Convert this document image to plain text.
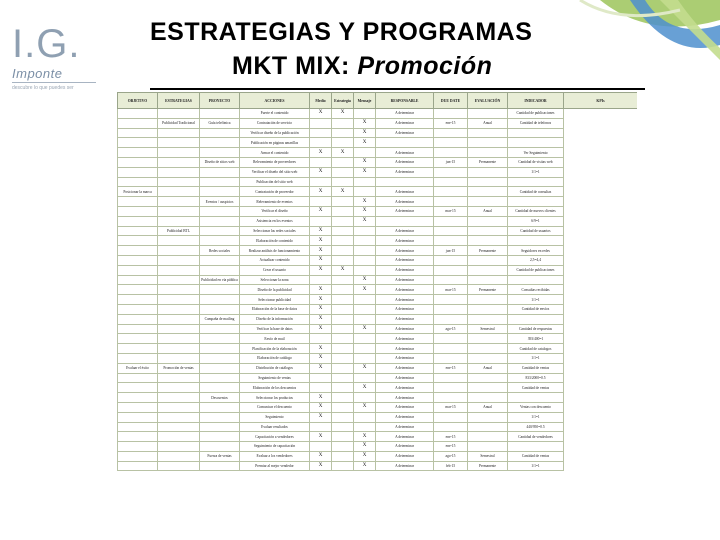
I.G.
Imponte
descubre lo que puedes ser
ESTRATEGIAS Y PROGRAMAS
MKT MIX: Promoción
OBJETIVO	ESTRATEGIAS	PROYECTO	ACCIONES	Medio	Estrategia	Mensaje	RESPONSABLE	DUE DATE	EVALUACIÓN	INDICADOR	KPIs
			Fuerte el contenido	X	X		A determinar			Cantidad de publicaciones	
	Publicidad Tradicional	Guía telefónica	Contratación de servicio			X	A determinar	ene-15	Anual	Cantidad de telefonos	
			Verificar diseño de la publicación			X	A determinar				
			Publicación en páginas amarillas			X					
			Armar el contenido	X	X		A determinar			Ver Seguimiento	
		Diseño de sitios web	Relevamiento de proveedores			X	A determinar	jun-15	Permanente	Cantidad de visitas web	
			Verificar el diseño del sitio web	X		X	A determinar			1/1=1	
			Publicación del sitio web								
Posicionar la marca			Contratación de proveedor	X	X		A determinar			Cantidad de consultas	
		Eventos / auspicios	Relevamiento de eventos			X	A determinar				
			Verificar el diseño	X		X	A determinar	mar-15	Anual	Cantidad de nuevos clientes	
			Asistencia en los eventos			X				6/9=1	
	Publicidad BTL		Seleccionar las redes sociales	X			A determinar			Cantidad de usuarios	
			Elaboración de contenido	X			A determinar				
		Redes sociales	Realizar análisis de funcionamiento	X			A determinar	jun-15	Permanente	Seguidores en redes	
			Actualizar contenido	X			A determinar			2,5=4,4	
			Crear el usuario	X	X		A determinar			Cantidad de publicaciones	
		Publicidad en vía pública	Seleccionar la zona			X	A determinar				
			Diseño de la publicidad	X		X	A determinar	mar-15	Permanente	Consultas recibidas	
			Seleccionar publicidad	X			A determinar			1/1=1	
			Elaboración de la base de datos	X			A determinar			Cantidad de envíos	
		Campaña de mailing	Diseño de la información	X			A determinar				
			Verificar la base de datos	X		X	A determinar	ago-15	Semestral	Cantidad de respuestas	
			Envío de mail				A determinar			393/400=1	
			Planificación de la elaboración	X			A determinar			Cantidad de catalogos	
			Elaboración de catálogo	X			A determinar			1/1=1	
Evaluar el éxito	Promoción de ventas		Distribución de catálogos	X		X	A determinar	ene-15	Anual	Cantidad de ventas	
			Seguimiento de ventas				A determinar			833/2000=0.5	
			Elaboración de los descuentos			X	A determinar			Cantidad de ventas	
		Descuentos	Seleccionar los productos	X			A determinar				
			Comunicar el descuento	X		X	A determinar	mar-15	Anual	Ventas con descuento	
			Seguimiento	X			A determinar			1/1=1	
			Evaluar resultados				A determinar			440/950=0.5	
			Capacitación a vendedores	X		X	A determinar	ene-15		Cantidad de vendedores	
			Seguimiento de capacitación			X	A determinar	ene-15			
		Fuerza de ventas	Evaluar a los vendedores	X		X	A determinar	ago-15	Semestral	Cantidad de ventas	
			Premiar al mejor vendedor	X		X	A determinar	feb-15	Permanente	1/1=1	
